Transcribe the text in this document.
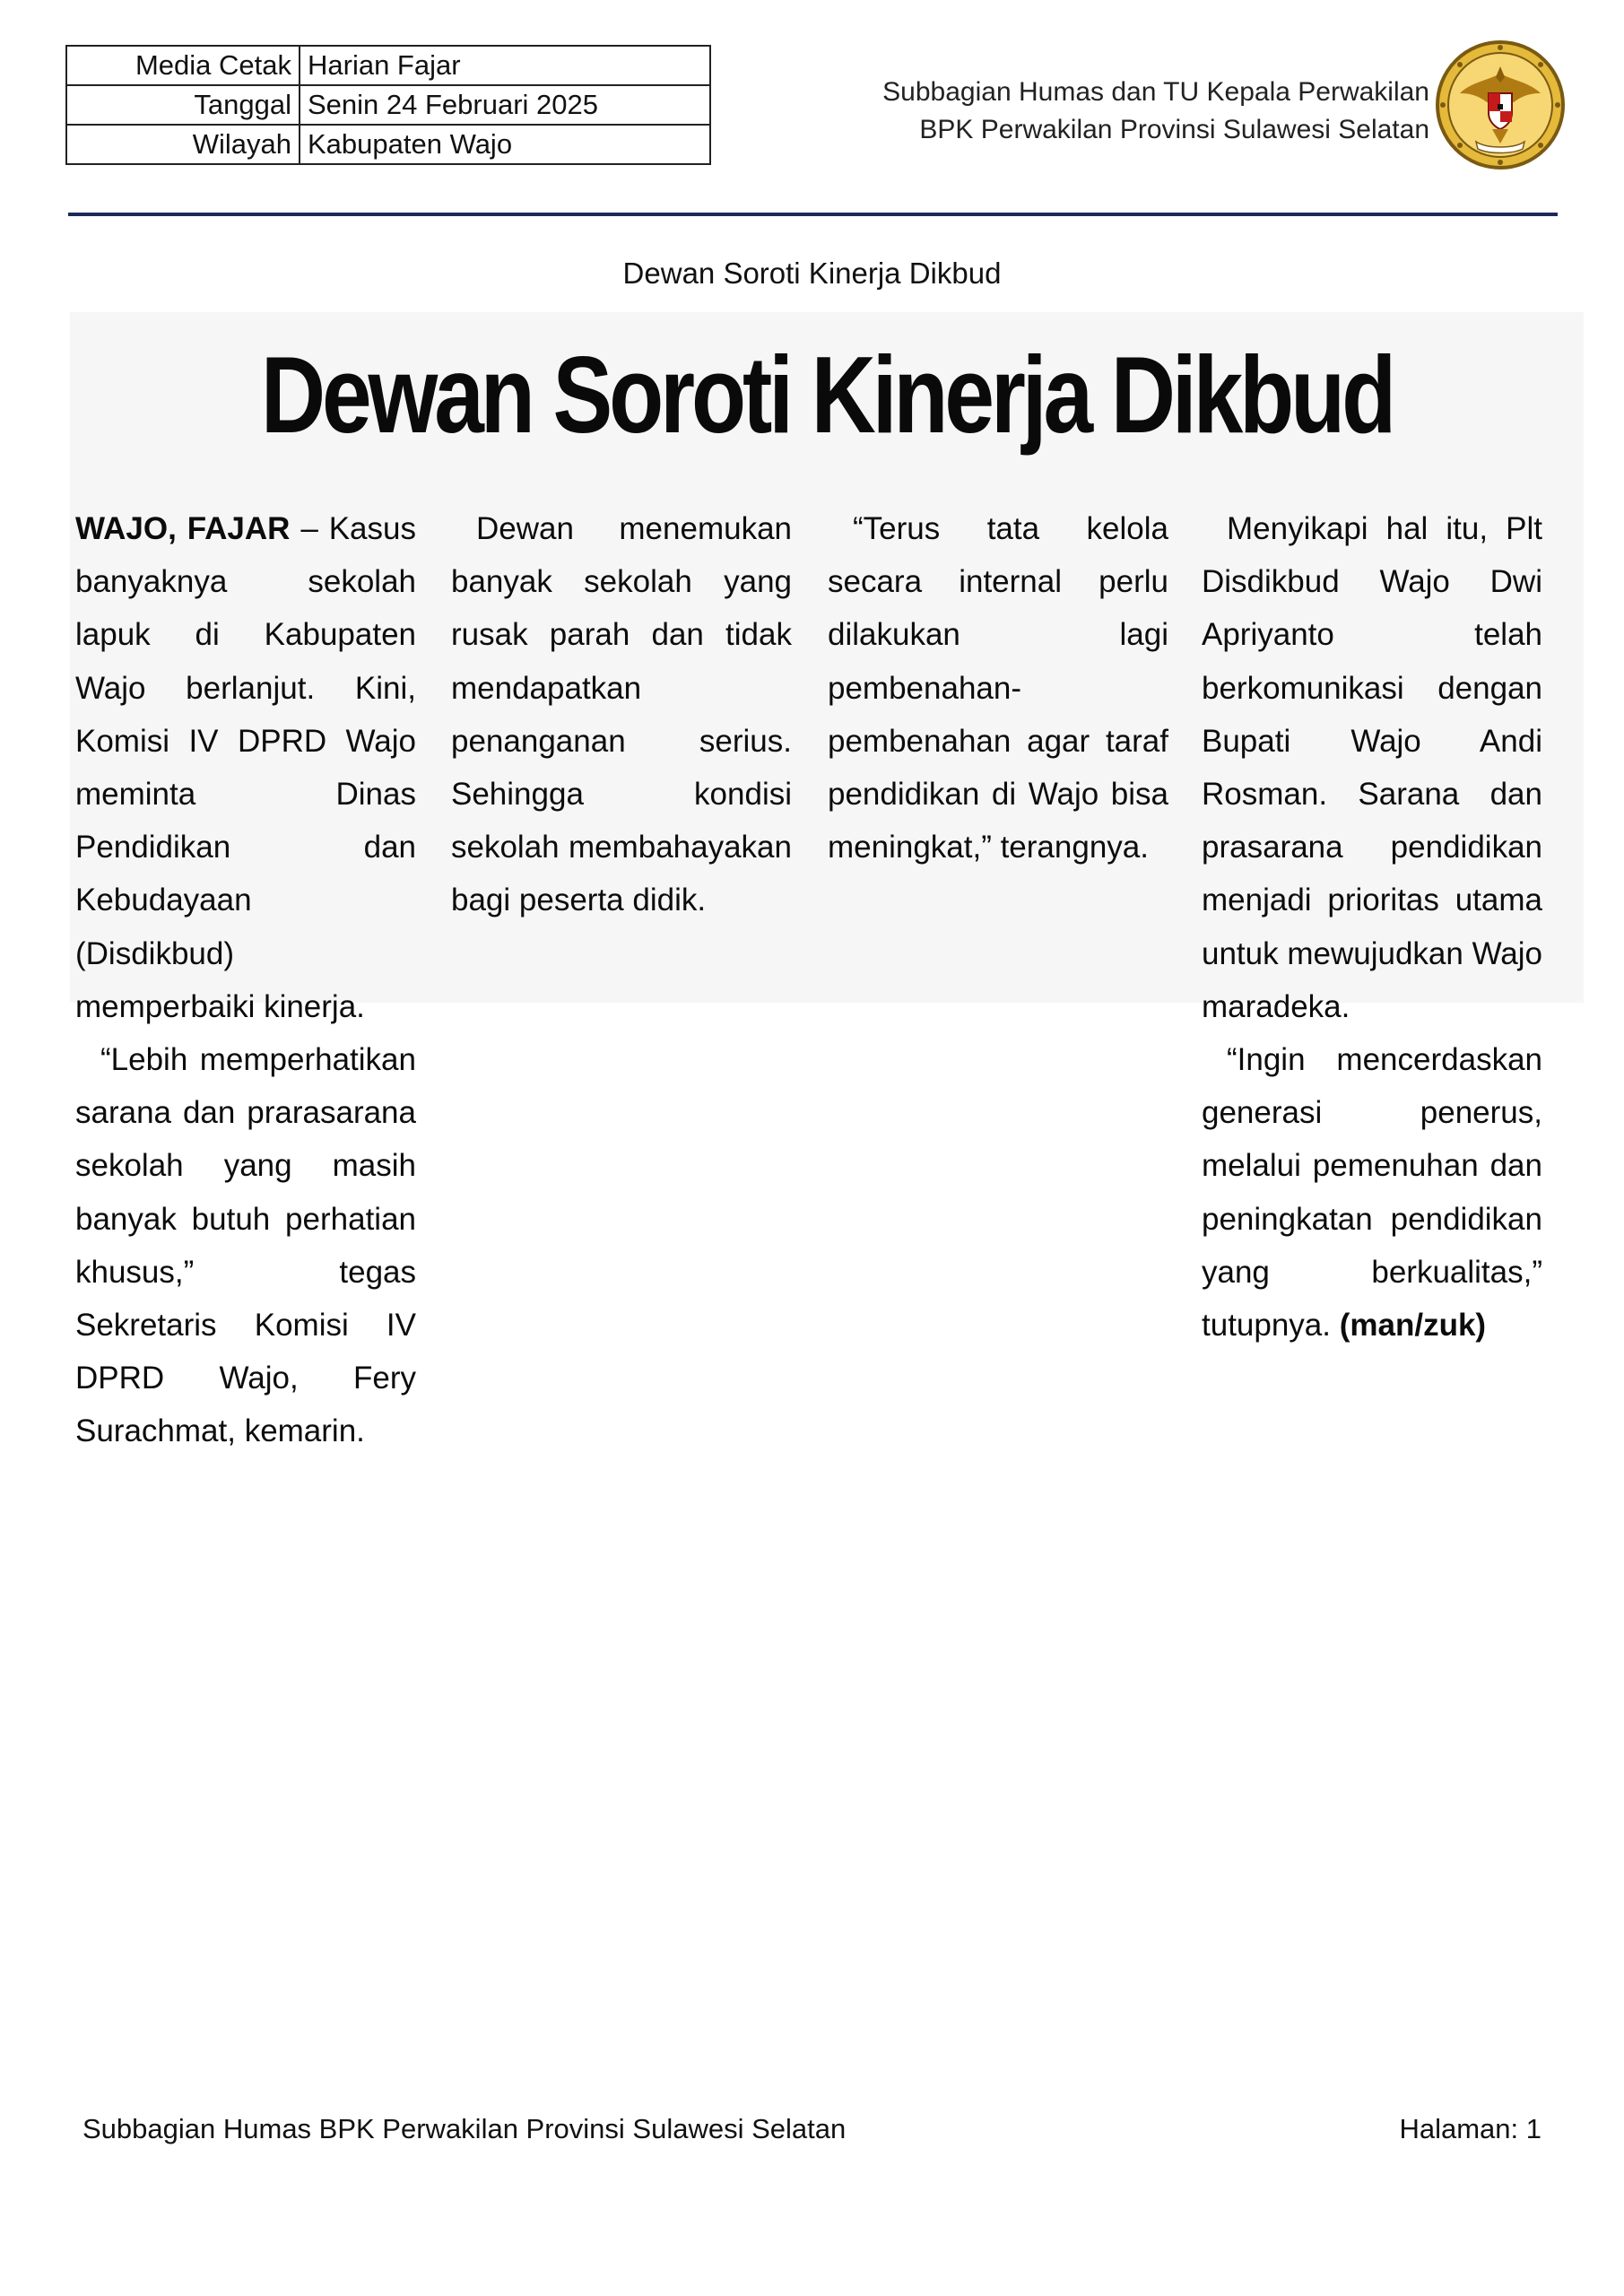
Media Cetak	Harian Fajar
Tanggal	Senin 24 Februari 2025
Wilayah	Kabupaten Wajo
Subbagian Humas dan TU Kepala Perwakilan
BPK Perwakilan Provinsi Sulawesi Selatan
Dewan Soroti Kinerja Dikbud
Dewan Soroti Kinerja Dikbud

WAJO, FAJAR – Kasus banyaknya sekolah lapuk di Kabupaten Wajo berlanjut. Kini, Komisi IV DPRD Wajo meminta Dinas Pendidikan dan Kebudayaan (Disdikbud) memperbaiki kinerja.

“Lebih memperhatikan sarana dan prarasarana sekolah yang masih banyak butuh perhatian khusus,” tegas Sekretaris Komisi IV DPRD Wajo, Fery Surachmat, kemarin.

Dewan menemukan banyak sekolah yang rusak parah dan tidak mendapatkan penanganan serius. Sehingga kondisi sekolah membahayakan bagi peserta didik.

“Terus tata kelola secara internal perlu dilakukan lagi pembenahan-pembenahan agar taraf pendidikan di Wajo bisa meningkat,” terangnya.

Menyikapi hal itu, Plt Disdikbud Wajo Dwi Apriyanto telah berkomunikasi dengan Bupati Wajo Andi Rosman. Sarana dan prasarana pendidikan menjadi prioritas utama untuk mewujudkan Wajo maradeka.

“Ingin mencerdaskan generasi penerus, melalui pemenuhan dan peningkatan pendidikan yang berkualitas,” tutupnya. (man/zuk)

Subbagian Humas BPK Perwakilan Provinsi Sulawesi Selatan	Halaman: 1
